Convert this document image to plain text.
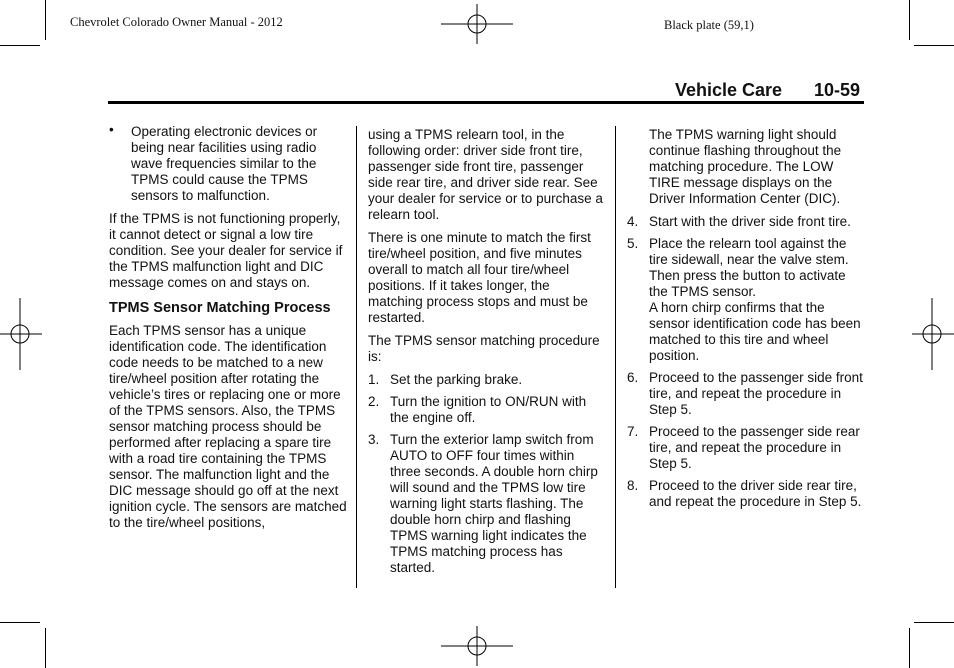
Chevrolet Colorado Owner Manual - 2012	Black plate (59,1)
Vehicle Care 10-59

• Operating electronic devices or being near facilities using radio wave frequencies similar to the TPMS could cause the TPMS sensors to malfunction.

If the TPMS is not functioning properly, it cannot detect or signal a low tire condition. See your dealer for service if the TPMS malfunction light and DIC message comes on and stays on.

TPMS Sensor Matching Process

Each TPMS sensor has a unique identification code. The identification code needs to be matched to a new tire/wheel position after rotating the vehicle’s tires or replacing one or more of the TPMS sensors. Also, the TPMS sensor matching process should be performed after replacing a spare tire with a road tire containing the TPMS sensor. The malfunction light and the DIC message should go off at the next ignition cycle. The sensors are matched to the tire/wheel positions,

using a TPMS relearn tool, in the following order: driver side front tire, passenger side front tire, passenger side rear tire, and driver side rear. See your dealer for service or to purchase a relearn tool.

There is one minute to match the first tire/wheel position, and five minutes overall to match all four tire/wheel positions. If it takes longer, the matching process stops and must be restarted.

The TPMS sensor matching procedure is:

1. Set the parking brake.
2. Turn the ignition to ON/RUN with the engine off.
3. Turn the exterior lamp switch from AUTO to OFF four times within three seconds. A double horn chirp will sound and the TPMS low tire warning light starts flashing. The double horn chirp and flashing TPMS warning light indicates the TPMS matching process has started.

The TPMS warning light should continue flashing throughout the matching procedure. The LOW TIRE message displays on the Driver Information Center (DIC).

4. Start with the driver side front tire.
5. Place the relearn tool against the tire sidewall, near the valve stem. Then press the button to activate the TPMS sensor.
A horn chirp confirms that the sensor identification code has been matched to this tire and wheel position.
6. Proceed to the passenger side front tire, and repeat the procedure in Step 5.
7. Proceed to the passenger side rear tire, and repeat the procedure in Step 5.
8. Proceed to the driver side rear tire, and repeat the procedure in Step 5.
